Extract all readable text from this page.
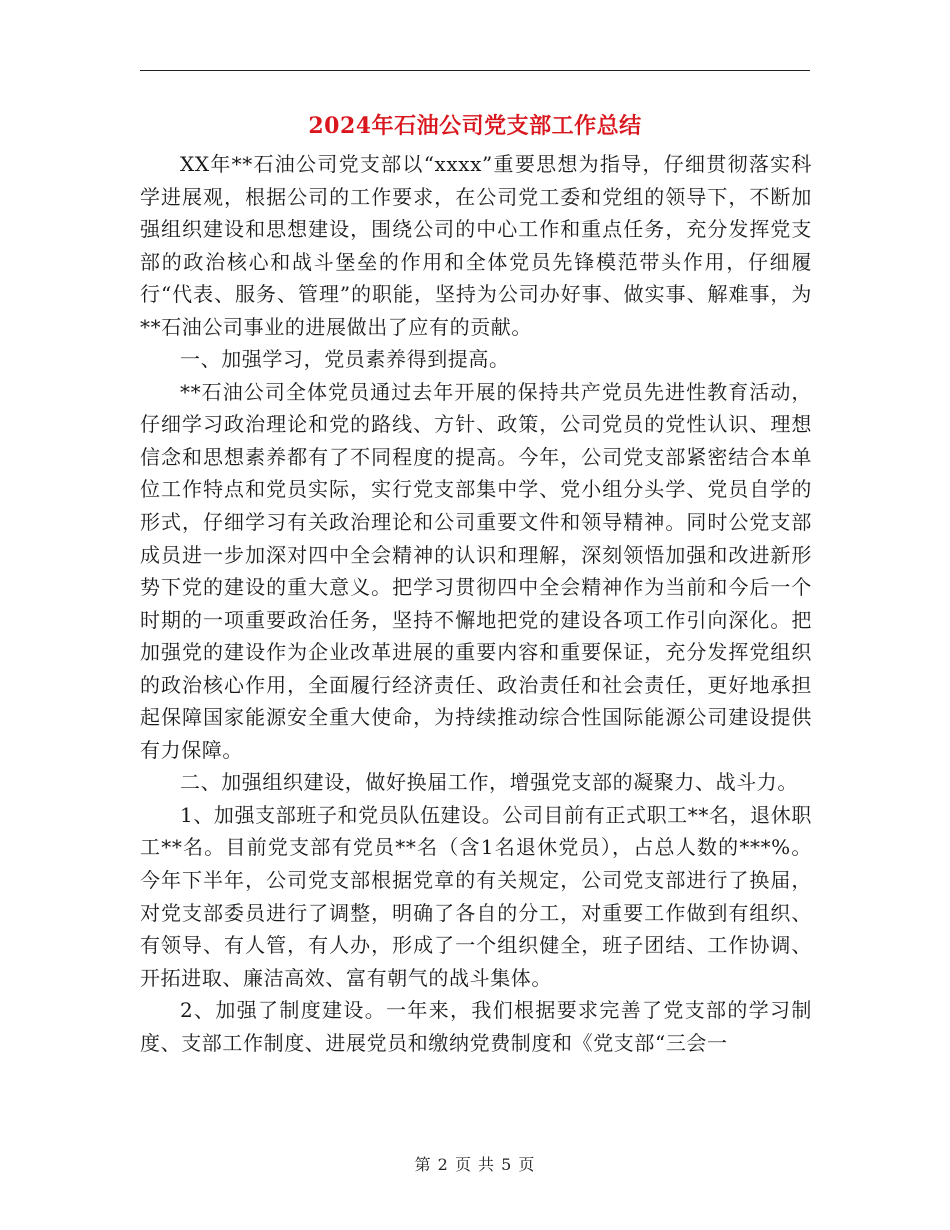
2024年石油公司党支部工作总结

XX年**石油公司党支部以“xxxx”重要思想为指导，仔细贯彻落实科学进展观，根据公司的工作要求，在公司党工委和党组的领导下，不断加强组织建设和思想建设，围绕公司的中心工作和重点任务，充分发挥党支部的政治核心和战斗堡垒的作用和全体党员先锋模范带头作用，仔细履行“代表、服务、管理”的职能，坚持为公司办好事、做实事、解难事，为**石油公司事业的进展做出了应有的贡献。

一、加强学习，党员素养得到提高。

**石油公司全体党员通过去年开展的保持共产党员先进性教育活动，仔细学习政治理论和党的路线、方针、政策，公司党员的党性认识、理想信念和思想素养都有了不同程度的提高。今年，公司党支部紧密结合本单位工作特点和党员实际，实行党支部集中学、党小组分头学、党员自学的形式，仔细学习有关政治理论和公司重要文件和领导精神。同时公党支部成员进一步加深对四中全会精神的认识和理解，深刻领悟加强和改进新形势下党的建设的重大意义。把学习贯彻四中全会精神作为当前和今后一个时期的一项重要政治任务，坚持不懈地把党的建设各项工作引向深化。把加强党的建设作为企业改革进展的重要内容和重要保证，充分发挥党组织的政治核心作用，全面履行经济责任、政治责任和社会责任，更好地承担起保障国家能源安全重大使命，为持续推动综合性国际能源公司建设提供有力保障。

二、加强组织建设，做好换届工作，增强党支部的凝聚力、战斗力。

1、加强支部班子和党员队伍建设。公司目前有正式职工**名，退休职工**名。目前党支部有党员**名（含1名退休党员），占总人数的***%。今年下半年，公司党支部根据党章的有关规定，公司党支部进行了换届，对党支部委员进行了调整，明确了各自的分工，对重要工作做到有组织、有领导、有人管，有人办，形成了一个组织健全，班子团结、工作协调、开拓进取、廉洁高效、富有朝气的战斗集体。

2、加强了制度建设。一年来，我们根据要求完善了党支部的学习制度、支部工作制度、进展党员和缴纳党费制度和《党支部“三会一

第 2 页 共 5 页
